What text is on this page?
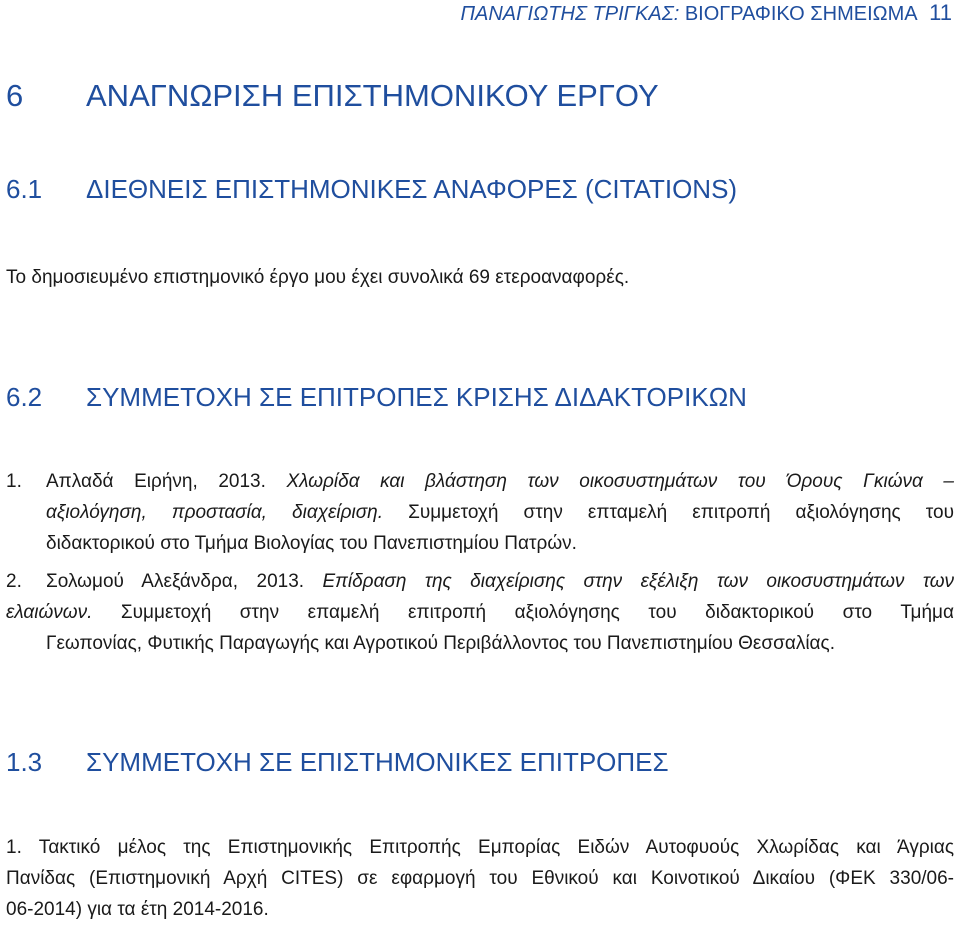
ΠΑΝΑΓΙΩΤΗΣ ΤΡΙΓΚΑΣ: ΒΙΟΓΡΑΦΙΚΟ ΣΗΜΕΙΩΜΑ 11
6 ΑΝΑΓΝΩΡΙΣΗ ΕΠΙΣΤΗΜΟΝΙΚΟΥ ΕΡΓΟΥ
6.1 ΔΙΕΘΝΕΙΣ ΕΠΙΣΤΗΜΟΝΙΚΕΣ ΑΝΑΦΟΡΕΣ (CITATIONS)
Το δημοσιευμένο επιστημονικό έργο μου έχει συνολικά 69 ετεροαναφορές.
6.2 ΣΥΜΜΕΤΟΧΗ ΣΕ ΕΠΙΤΡΟΠΕΣ ΚΡΙΣΗΣ ΔΙΔΑΚΤΟΡΙΚΩΝ
1. Απλαδά Ειρήνη, 2013. Χλωρίδα και βλάστηση των οικοσυστημάτων του Όρους Γκιώνα –
αξιολόγηση, προστασία, διαχείριση. Συμμετοχή στην επταμελή επιτροπή αξιολόγησης του
διδακτορικού στο Τμήμα Βιολογίας του Πανεπιστημίου Πατρών.
2. Σολωμού Αλεξάνδρα, 2013. Επίδραση της διαχείρισης στην εξέλιξη των οικοσυστημάτων των
ελαιώνων. Συμμετοχή στην επαμελή επιτροπή αξιολόγησης του διδακτορικού στο Τμήμα
Γεωπονίας, Φυτικής Παραγωγής και Αγροτικού Περιβάλλοντος του Πανεπιστημίου Θεσσαλίας.
1.3 ΣΥΜΜΕΤΟΧΗ ΣΕ ΕΠΙΣΤΗΜΟΝΙΚΕΣ ΕΠΙΤΡΟΠΕΣ
1. Τακτικό μέλος της Επιστημονικής Επιτροπής Εμπορίας Ειδών Αυτοφυούς Χλωρίδας και Άγριας
Πανίδας (Επιστημονική Αρχή CITES) σε εφαρμογή του Εθνικού και Κοινοτικού Δικαίου (ΦΕΚ 330/06-
06-2014) για τα έτη 2014-2016.
